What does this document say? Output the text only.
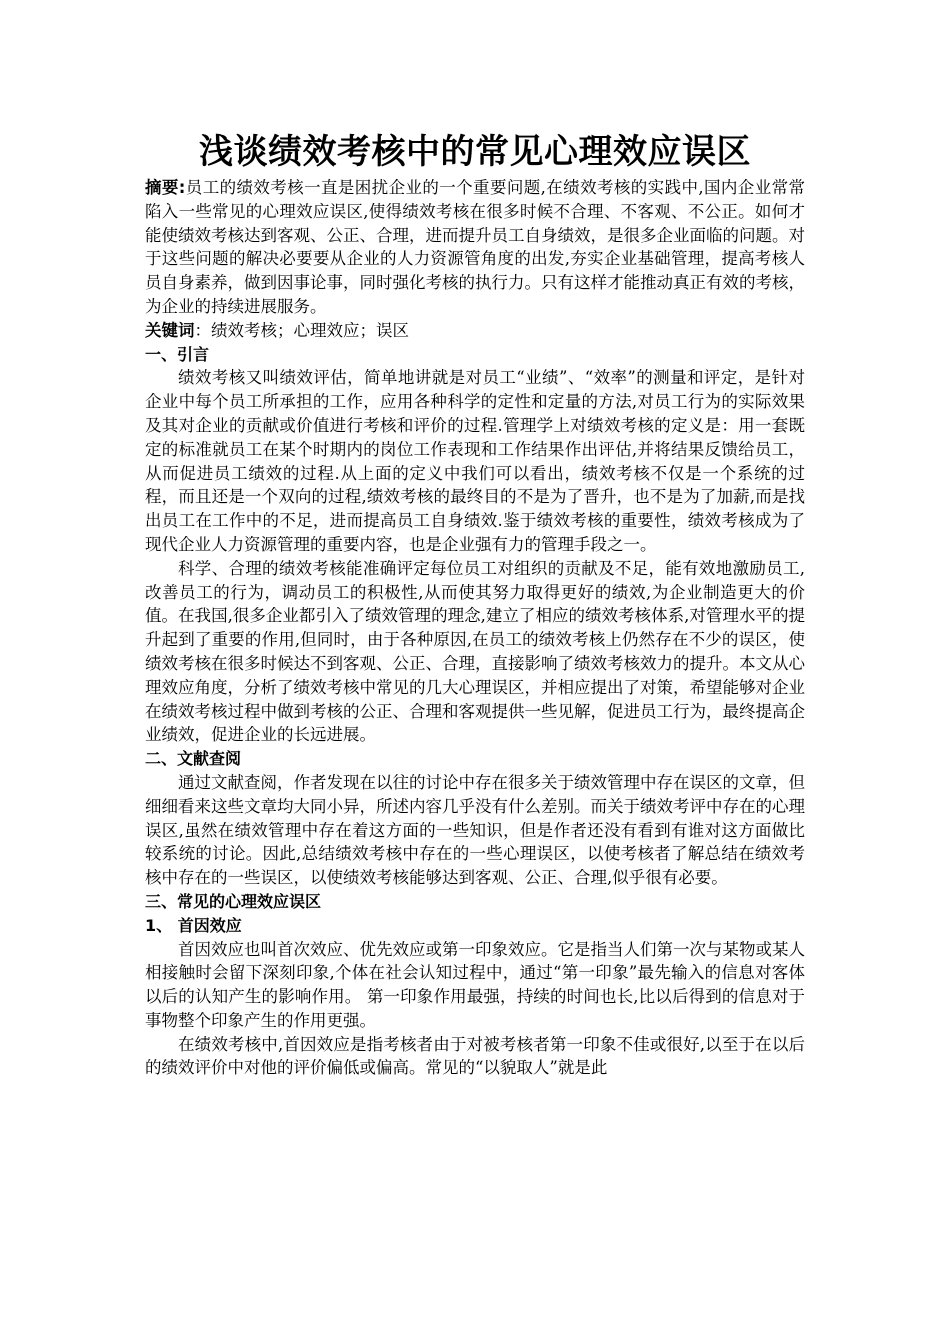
浅谈绩效考核中的常见心理效应误区

摘要:员工的绩效考核一直是困扰企业的一个重要问题,在绩效考核的实践中,国内企业常常陷入一些常见的心理效应误区,使得绩效考核在很多时候不合理、不客观、不公正。如何才能使绩效考核达到客观、公正、合理，进而提升员工自身绩效，是很多企业面临的问题。对于这些问题的解决必要要从企业的人力资源管角度的出发,夯实企业基础管理，提高考核人员自身素养，做到因事论事，同时强化考核的执行力。只有这样才能推动真正有效的考核，为企业的持续进展服务。

关键词：绩效考核；心理效应；误区

一、引言

绩效考核又叫绩效评估，简单地讲就是对员工“业绩”、“效率”的测量和评定，是针对企业中每个员工所承担的工作，应用各种科学的定性和定量的方法,对员工行为的实际效果及其对企业的贡献或价值进行考核和评价的过程.管理学上对绩效考核的定义是：用一套既定的标准就员工在某个时期内的岗位工作表现和工作结果作出评估,并将结果反馈给员工，从而促进员工绩效的过程.从上面的定义中我们可以看出，绩效考核不仅是一个系统的过程，而且还是一个双向的过程,绩效考核的最终目的不是为了晋升，也不是为了加薪,而是找出员工在工作中的不足，进而提高员工自身绩效.鉴于绩效考核的重要性，绩效考核成为了现代企业人力资源管理的重要内容，也是企业强有力的管理手段之一。

科学、合理的绩效考核能准确评定每位员工对组织的贡献及不足，能有效地激励员工,改善员工的行为，调动员工的积极性,从而使其努力取得更好的绩效,为企业制造更大的价值。在我国,很多企业都引入了绩效管理的理念,建立了相应的绩效考核体系,对管理水平的提升起到了重要的作用,但同时，由于各种原因,在员工的绩效考核上仍然存在不少的误区，使绩效考核在很多时候达不到客观、公正、合理，直接影响了绩效考核效力的提升。本文从心理效应角度，分析了绩效考核中常见的几大心理误区，并相应提出了对策，希望能够对企业在绩效考核过程中做到考核的公正、合理和客观提供一些见解，促进员工行为，最终提高企业绩效，促进企业的长远进展。

二、文献查阅

通过文献查阅，作者发现在以往的讨论中存在很多关于绩效管理中存在误区的文章，但细细看来这些文章均大同小异，所述内容几乎没有什么差别。而关于绩效考评中存在的心理误区,虽然在绩效管理中存在着这方面的一些知识，但是作者还没有看到有谁对这方面做比较系统的讨论。因此,总结绩效考核中存在的一些心理误区，以使考核者了解总结在绩效考核中存在的一些误区，以使绩效考核能够达到客观、公正、合理,似乎很有必要。

三、常见的心理效应误区
1、 首因效应

首因效应也叫首次效应、优先效应或第一印象效应。它是指当人们第一次与某物或某人相接触时会留下深刻印象,个体在社会认知过程中，通过“第一印象”最先输入的信息对客体以后的认知产生的影响作用。 第一印象作用最强，持续的时间也长,比以后得到的信息对于事物整个印象产生的作用更强。

在绩效考核中,首因效应是指考核者由于对被考核者第一印象不佳或很好,以至于在以后的绩效评价中对他的评价偏低或偏高。常见的“以貌取人”就是此
